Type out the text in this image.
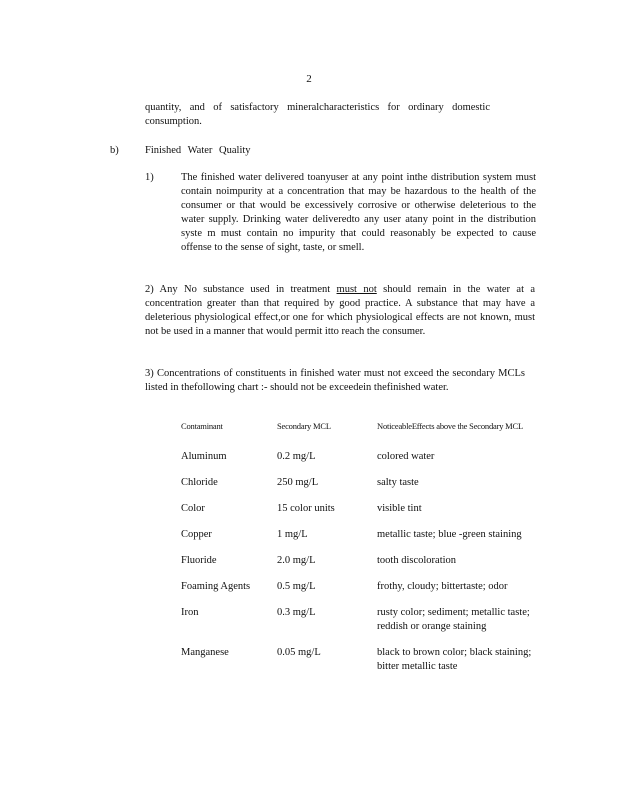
2
quantity, and of satisfactory mineralcharacteristics for ordinary domestic consumption.
b)	Finished Water Quality
1)	The finished water delivered toanyuser at any point inthe distribution system must contain noimpurity at a concentration that may be hazardous to the health of the consumer or that would be excessively corrosive or otherwise deleterious to the water supply. Drinking water deliveredto any user atany point in the distribution syste m must contain no impurity that could reasonably be expected to cause offense to the sense of sight, taste, or smell.
2) Any No substance used in treatment must not should remain in the water at a concentration greater than that required by good practice. A substance that may have a deleterious physiological effect,or one for which physiological effects are not known, must not be used in a manner that would permit itto reach the consumer.
3) Concentrations of constituents in finished water must not exceed the secondary MCLs listed in thefollowing chart :- should not be exceedein thefinished water.
Contaminant	Secondary MCL	NoticeableEffects above the Secondary MCL
Aluminum	0.2 mg/L	colored water
Chloride	250 mg/L	salty taste
Color	15 color units	visible tint
Copper	1 mg/L	metallic taste; blue -green staining
Fluoride	2.0 mg/L	tooth discoloration
Foaming Agents	0.5 mg/L	frothy, cloudy; bittertaste; odor
Iron	0.3 mg/L	rusty color; sediment; metallic taste; reddish or orange staining
Manganese	0.05 mg/L	black to brown color; black staining; bitter metallic taste
